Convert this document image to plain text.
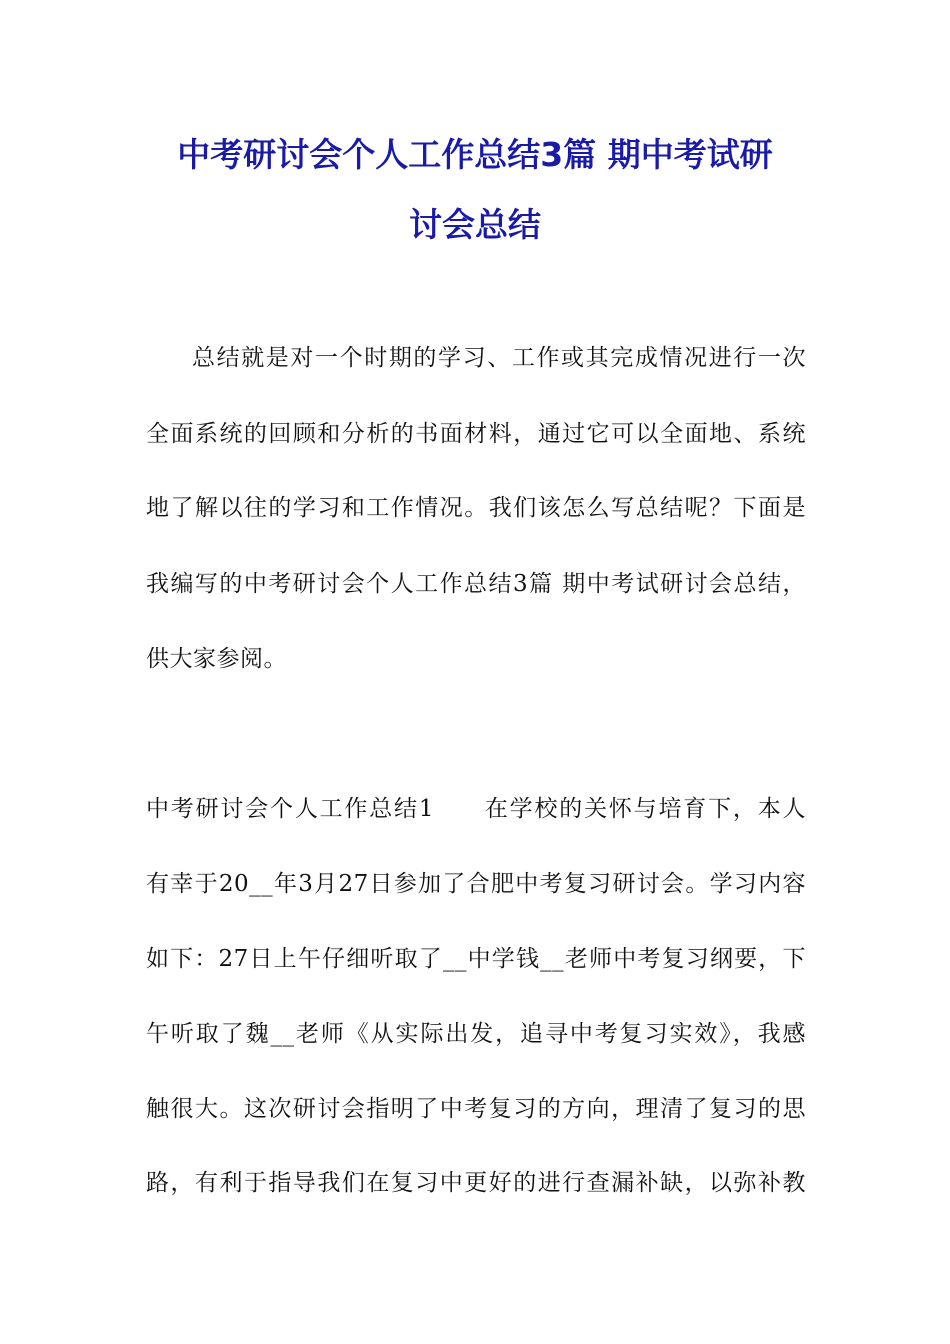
中考研讨会个人工作总结3篇 期中考试研
讨会总结
总结就是对一个时期的学习、工作或其完成情况进行一次
全面系统的回顾和分析的书面材料，通过它可以全面地、系统
地了解以往的学习和工作情况。我们该怎么写总结呢？下面是
我编写的中考研讨会个人工作总结3篇 期中考试研讨会总结，
供大家参阅。
中考研讨会个人工作总结1　　在学校的关怀与培育下，本人
有幸于20__年3月27日参加了合肥中考复习研讨会。学习内容
如下：27日上午仔细听取了__中学钱__老师中考复习纲要，下
午听取了魏__老师《从实际出发，追寻中考复习实效》，我感
触很大。这次研讨会指明了中考复习的方向，理清了复习的思
路，有利于指导我们在复习中更好的进行查漏补缺，以弥补教
